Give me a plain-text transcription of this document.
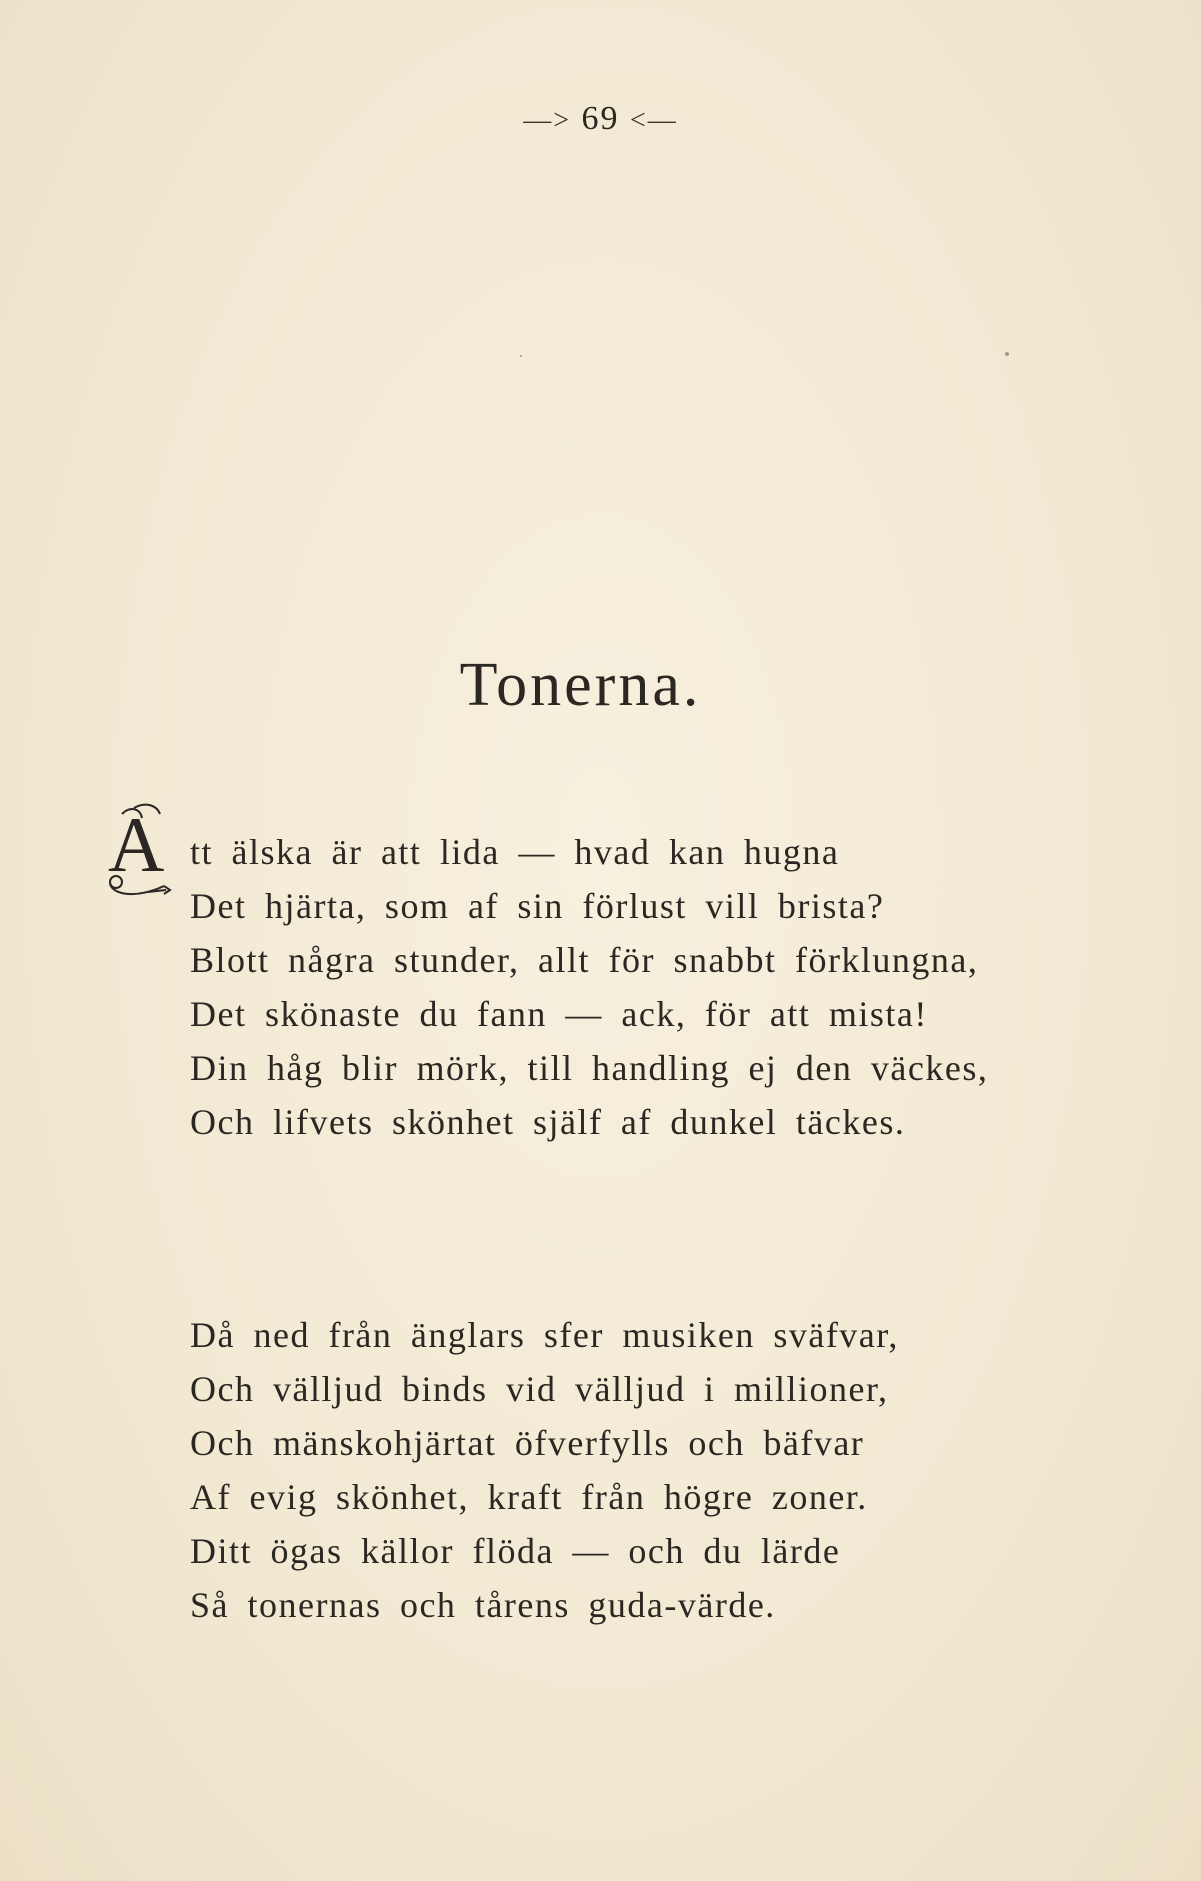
—> 69 <—
Tonerna.
A tt älska är att lida — hvad kan hugna
Det hjärta, som af sin förlust vill brista?
Blott några stunder, allt för snabbt förklungna,
Det skönaste du fann — ack, för att mista!
Din håg blir mörk, till handling ej den väckes,
Och lifvets skönhet själf af dunkel täckes.
Då ned från änglars sfer musiken sväfvar,
Och välljud binds vid välljud i millioner,
Och mänskohjärtat öfverfylls och bäfvar
Af evig skönhet, kraft från högre zoner.
Ditt ögas källor flöda — och du lärde
Så tonernas och tårens guda-värde.
